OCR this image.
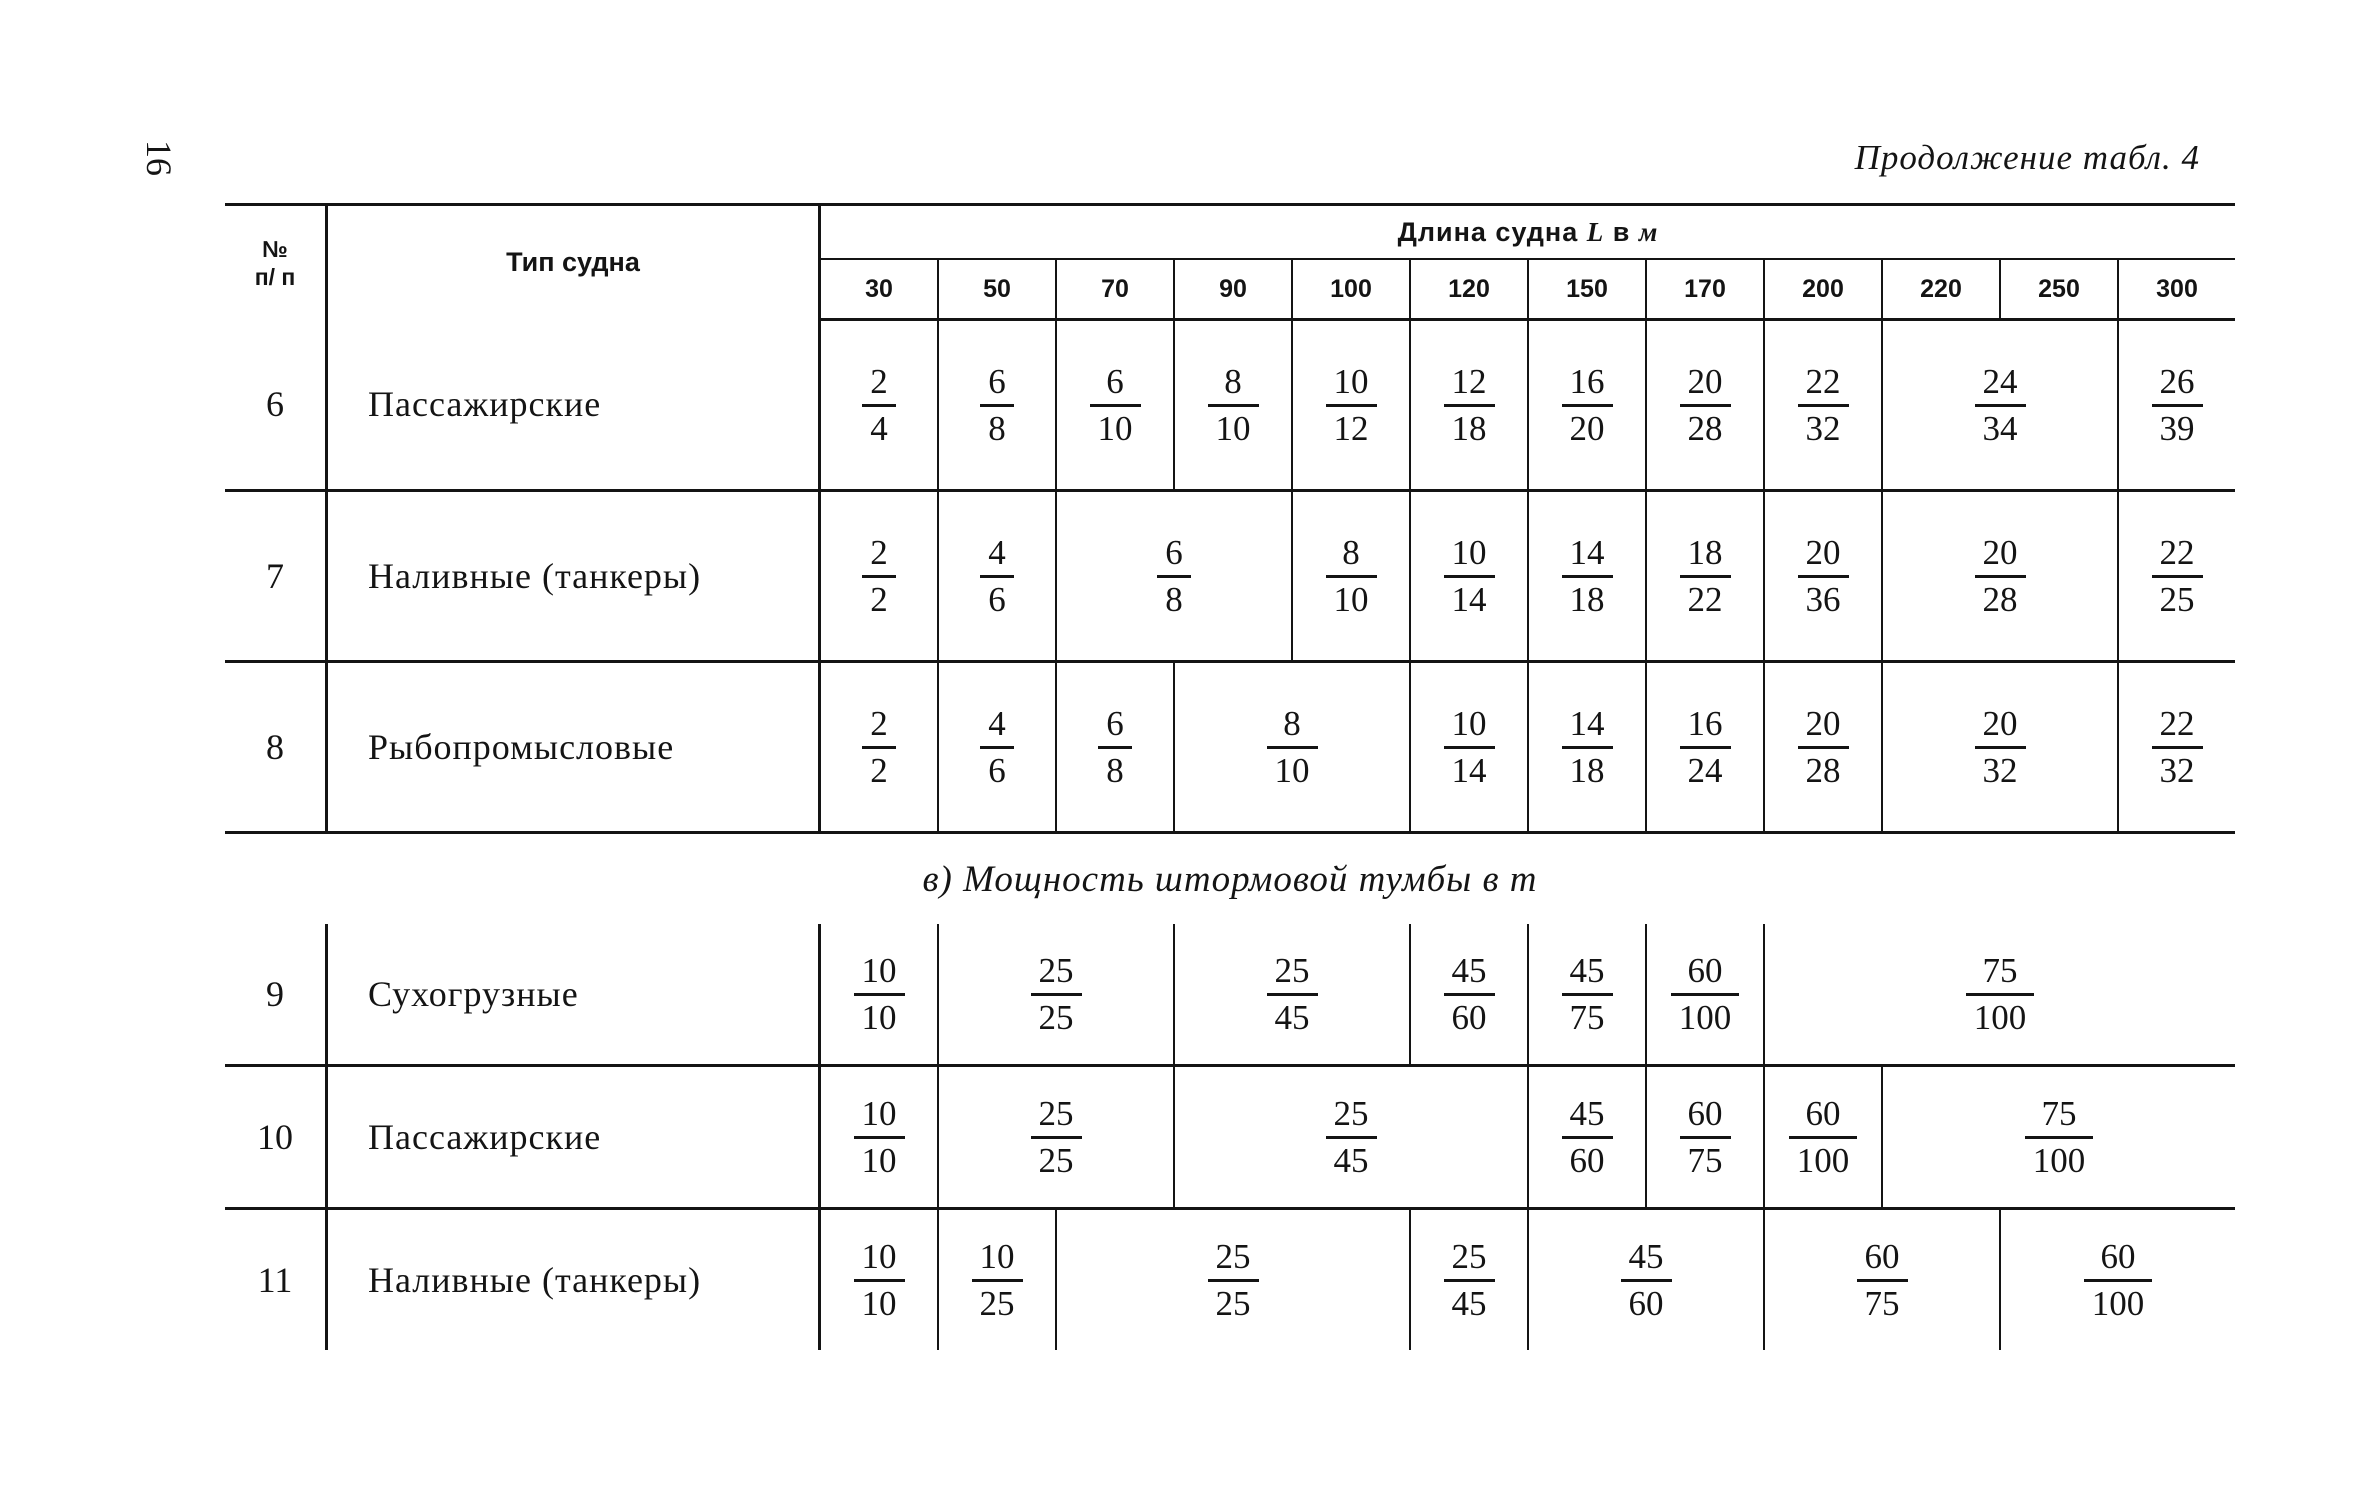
16	Продолжение табл. 4
№
п/ п	Тип судна	Длина судна L в м											
		30	50	70	90	100	120	150	170	200	220	250	300
6	Пассажирские	$\frac{2}{4}$	$\frac{6}{8}$	$\frac{6}{10}$	$\frac{8}{10}$	$\frac{10}{12}$	$\frac{12}{18}$	$\frac{16}{20}$	$\frac{20}{28}$	$\frac{22}{32}$	$\frac{24}{34}$		$\frac{26}{39}$

7	Наливные (танкеры)	$\frac{2}{2}$	$\frac{4}{6}$	$\frac{6}{8}$		$\frac{8}{10}$	$\frac{10}{14}$	$\frac{14}{18}$	$\frac{18}{22}$	$\frac{20}{36}$	$\frac{20}{28}$		$\frac{22}{25}$

8	Рыбопромысловые	$\frac{2}{2}$	$\frac{4}{6}$	$\frac{6}{8}$	$\frac{8}{10}$		$\frac{10}{14}$	$\frac{14}{18}$	$\frac{16}{24}$	$\frac{20}{28}$	$\frac{20}{32}$		$\frac{22}{32}$

в) Мощность штормовой тумбы в т													
9	Сухогрузные	$\frac{10}{10}$	$\frac{25}{25}$		$\frac{25}{45}$		$\frac{45}{60}$	$\frac{45}{75}$	$\frac{60}{100}$	$\frac{75}{100}$

10	Пассажирские	$\frac{10}{10}$	$\frac{25}{25}$		$\frac{25}{45}$			$\frac{45}{60}$	$\frac{60}{75}$	$\frac{60}{100}$	$\frac{75}{100}$

11	Наливные (танкеры)	$\frac{10}{10}$	$\frac{10}{25}$	$\frac{25}{25}$			$\frac{25}{45}$	$\frac{45}{60}$		$\frac{60}{75}$		$\frac{60}{100}$
